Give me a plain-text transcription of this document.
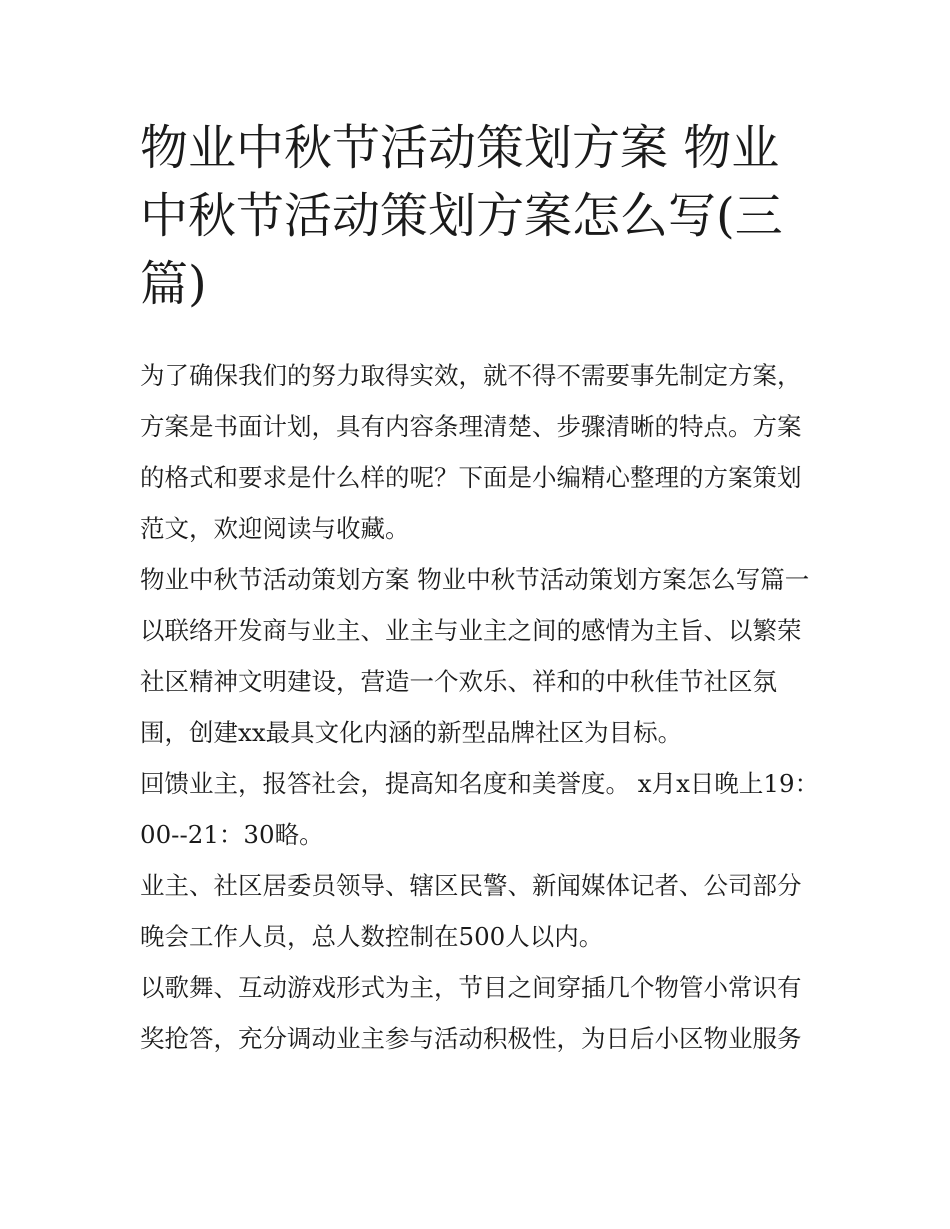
物业中秋节活动策划方案 物业中秋节活动策划方案怎么写(三篇)

为了确保我们的努力取得实效，就不得不需要事先制定方案，方案是书面计划，具有内容条理清楚、步骤清晰的特点。方案的格式和要求是什么样的呢？下面是小编精心整理的方案策划范文，欢迎阅读与收藏。

物业中秋节活动策划方案 物业中秋节活动策划方案怎么写篇一

以联络开发商与业主、业主与业主之间的感情为主旨、以繁荣社区精神文明建设，营造一个欢乐、祥和的中秋佳节社区氛围，创建xx最具文化内涵的新型品牌社区为目标。

回馈业主，报答社会，提高知名度和美誉度。 x月x日晚上19：00--21：30略。

业主、社区居委员领导、辖区民警、新闻媒体记者、公司部分晚会工作人员，总人数控制在500人以内。

以歌舞、互动游戏形式为主，节目之间穿插几个物管小常识有奖抢答，充分调动业主参与活动积极性，为日后小区物业服务
